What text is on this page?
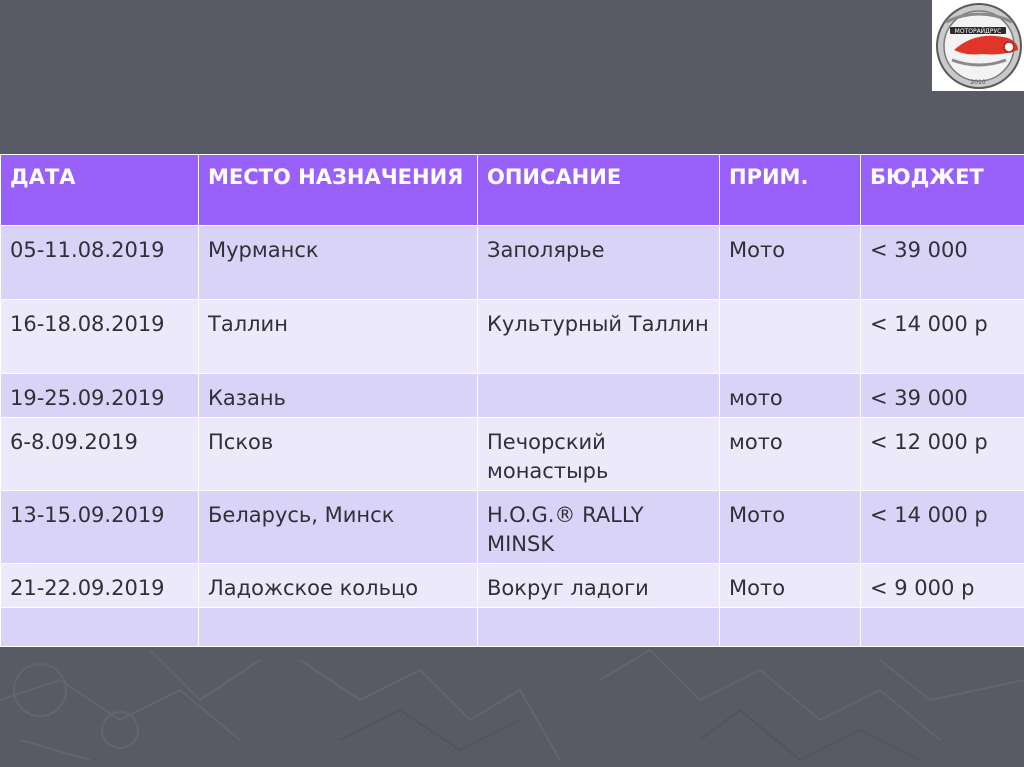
МОТОРАЙДРУС
2010
ДАТА	МЕСТО НАЗНАЧЕНИЯ	ОПИСАНИЕ	ПРИМ.	БЮДЖЕТ
05-11.08.2019	Мурманск	Заполярье	Мото	< 39 000
16-18.08.2019	Таллин	Культурный Таллин		< 14 000 р
19-25.09.2019	Казань		мото	< 39 000
6-8.09.2019	Псков	Печорский монастырь	мото	< 12 000 р
13-15.09.2019	Беларусь, Минск	H.O.G.® RALLY MINSK	Мото	< 14 000 р
21-22.09.2019	Ладожское кольцо	Вокруг ладоги	Мото	< 9 000 р
